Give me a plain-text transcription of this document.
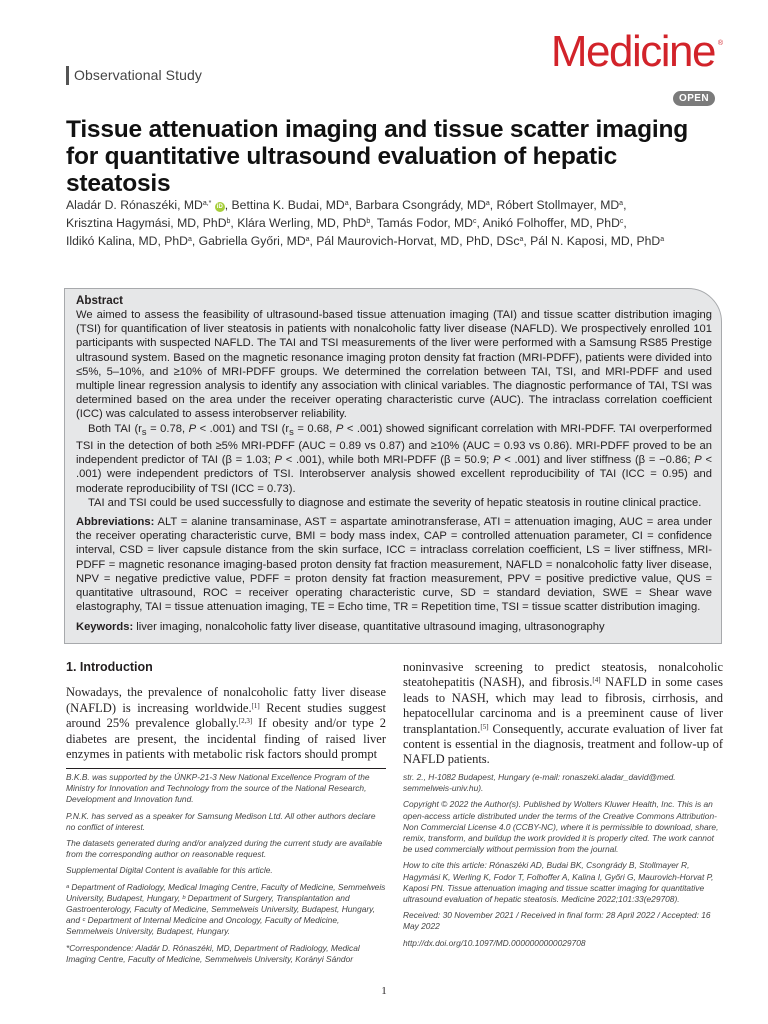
Observational Study	Medicine ®
OPEN
Tissue attenuation imaging and tissue scatter imaging for quantitative ultrasound evaluation of hepatic steatosis

Aladár D. Rónaszéki, $MD^{a,*}$ iD , Bettina K. Budai, $MD^a$, Barbara Csongrády, $MD^a$, Róbert Stollmayer, $MD^a$,

Krisztina Hagymási, MD, PhD$^b$, Klára Werling, MD, PhD$^b$, Tamás Fodor, $MD^c$, Anikó Folhoffer, MD, PhD$^c$,

Ildikó Kalina, MD, PhD$^a$, Gabriella Győri, $MD^a$, Pál Maurovich-Horvat, MD, PhD, DSc$^a$, Pál N. Kaposi, MD, PhD$^a$

Abstract

We aimed to assess the feasibility of ultrasound-based tissue attenuation imaging (TAI) and tissue scatter distribution imaging (TSI) for quantification of liver steatosis in patients with nonalcoholic fatty liver disease (NAFLD). We prospectively enrolled 101 participants with suspected NAFLD. The TAI and TSI measurements of the liver were performed with a Samsung RS85 Prestige ultrasound system. Based on the magnetic resonance imaging proton density fat fraction (MRI-PDFF), patients were divided into ≤5%, 5–10%, and ≥10% of MRI-PDFF groups. We determined the correlation between TAI, TSI, and MRI-PDFF and used multiple linear regression analysis to identify any association with clinical variables. The diagnostic performance of TAI, TSI was determined based on the area under the receiver operating characteristic curve (AUC). The intraclass correlation coefficient (ICC) was calculated to assess interobserver reliability.

Both TAI ($r_s = 0.78$, P < .001) and TSI ($r_s = 0.68$, P < .001) showed significant correlation with MRI-PDFF. TAI overperformed TSI in the detection of both ≥5% MRI-PDFF (AUC = 0.89 vs 0.87) and ≥10% (AUC = 0.93 vs 0.86). MRI-PDFF proved to be an independent predictor of TAI (β = 1.03; P < .001), while both MRI-PDFF (β = 50.9; P < .001) and liver stiffness (β = −0.86; P < .001) were independent predictors of TSI. Interobserver analysis showed excellent reproducibility of TAI (ICC = 0.95) and moderate reproducibility of TSI (ICC = 0.73).

TAI and TSI could be used successfully to diagnose and estimate the severity of hepatic steatosis in routine clinical practice.

Abbreviations: ALT = alanine transaminase, AST = aspartate aminotransferase, ATI = attenuation imaging, AUC = area under the receiver operating characteristic curve, BMI = body mass index, CAP = controlled attenuation parameter, CI = confidence interval, CSD = liver capsule distance from the skin surface, ICC = intraclass correlation coefficient, LS = liver stiffness, MRI-PDFF = magnetic resonance imaging-based proton density fat fraction measurement, NAFLD = nonalcoholic fatty liver disease, NPV = negative predictive value, PDFF = proton density fat fraction measurement, PPV = positive predictive value, QUS = quantitative ultrasound, ROC = receiver operating characteristic curve, SD = standard deviation, SWE = Shear wave elastography, TAI = tissue attenuation imaging, TE = Echo time, TR = Repetition time, TSI = tissue scatter distribution imaging.

Keywords: liver imaging, nonalcoholic fatty liver disease, quantitative ultrasound imaging, ultrasonography

1. Introduction

Nowadays, the prevalence of nonalcoholic fatty liver disease (NAFLD) is increasing worldwide.[1] Recent studies suggest around 25% prevalence globally.[2,3] If obesity and/or type 2 diabetes are present, the incidental finding of raised liver enzymes in patients with metabolic risk factors should prompt

noninvasive screening to predict steatosis, nonalcoholic steatohepatitis (NASH), and fibrosis.[4] NAFLD in some cases leads to NASH, which may lead to fibrosis, cirrhosis, and hepatocellular carcinoma and is a preeminent cause of liver transplantation.[5] Consequently, accurate evaluation of liver fat content is essential in the diagnosis, treatment and follow-up of NAFLD patients.

B.K.B. was supported by the ÚNKP-21-3 New National Excellence Program of the Ministry for Innovation and Technology from the source of the National Research, Development and Innovation fund.

P.N.K. has served as a speaker for Samsung Medison Ltd. All other authors declare no conflict of interest.

The datasets generated during and/or analyzed during the current study are available from the corresponding author on reasonable request.

Supplemental Digital Content is available for this article.

ᵃ Department of Radiology, Medical Imaging Centre, Faculty of Medicine, Semmelweis University, Budapest, Hungary, ᵇ Department of Surgery, Transplantation and Gastroenterology, Faculty of Medicine, Semmelweis University, Budapest, Hungary, and ᶜ Department of Internal Medicine and Oncology, Faculty of Medicine, Semmelweis University, Budapest, Hungary.

*Correspondence: Aladár D. Rónaszéki, MD, Department of Radiology, Medical Imaging Centre, Faculty of Medicine, Semmelweis University, Korányi Sándor

str. 2., H-1082 Budapest, Hungary (e-mail: ronaszeki.aladar_david@med. semmelweis-univ.hu).

Copyright © 2022 the Author(s). Published by Wolters Kluwer Health, Inc. This is an open-access article distributed under the terms of the Creative Commons Attribution-Non Commercial License 4.0 (CCBY-NC), where it is permissible to download, share, remix, transform, and buildup the work provided it is properly cited. The work cannot be used commercially without permission from the journal.

How to cite this article: Rónaszéki AD, Budai BK, Csongrády B, Stollmayer R, Hagymási K, Werling K, Fodor T, Folhoffer A, Kalina I, Győri G, Maurovich-Horvat P, Kaposi PN. Tissue attenuation imaging and tissue scatter imaging for quantitative ultrasound evaluation of hepatic steatosis. Medicine 2022;101:33(e29708).

Received: 30 November 2021 / Received in final form: 28 April 2022 / Accepted: 16 May 2022

http://dx.doi.org/10.1097/MD.0000000000029708

1
